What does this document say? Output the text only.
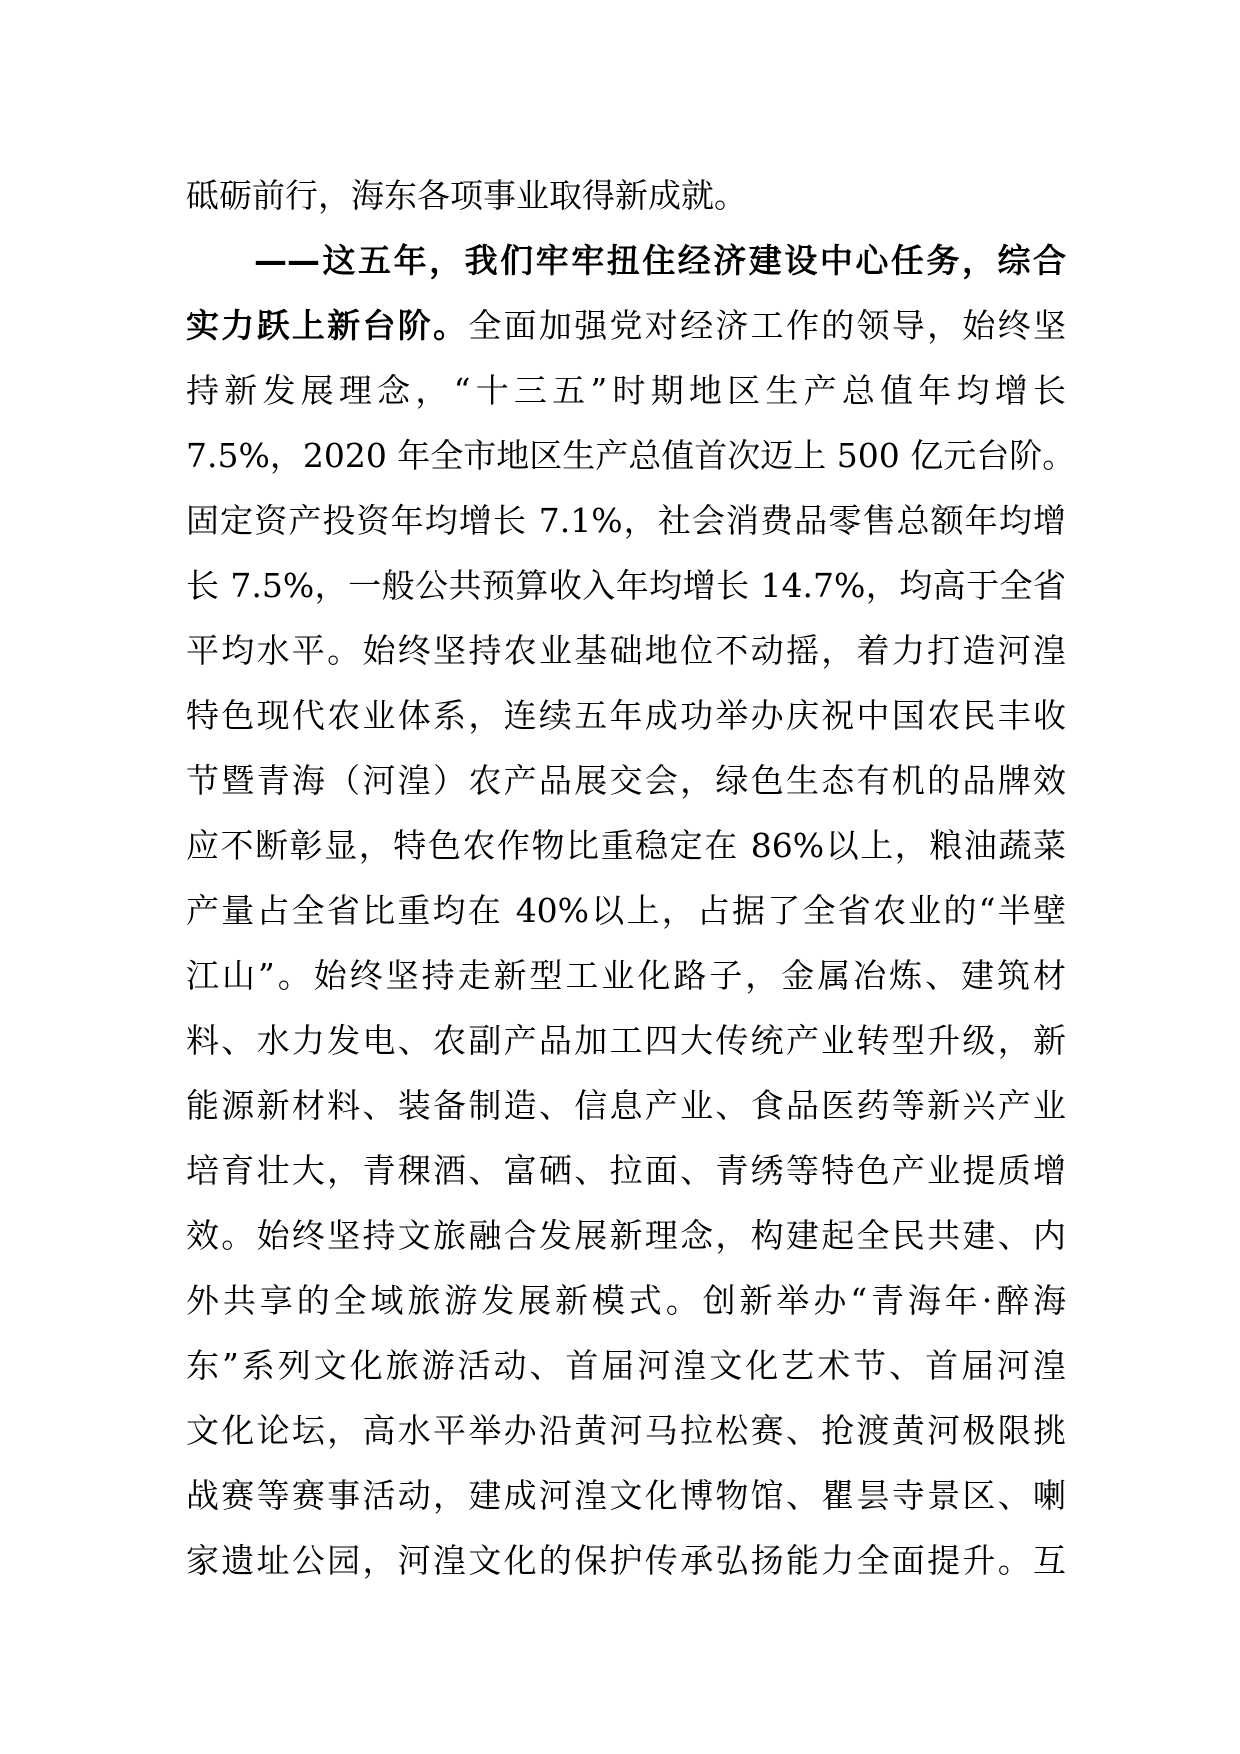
砥砺前行，海东各项事业取得新成就。
——这五年，我们牢牢扭住经济建设中心任务，综合
实力跃上新台阶。全面加强党对经济工作的领导，始终坚
持新发展理念，“十三五”时期地区生产总值年均增长
7.5%，2020 年全市地区生产总值首次迈上 500 亿元台阶。
固定资产投资年均增长 7.1%，社会消费品零售总额年均增
长 7.5%，一般公共预算收入年均增长 14.7%，均高于全省
平均水平。始终坚持农业基础地位不动摇，着力打造河湟
特色现代农业体系，连续五年成功举办庆祝中国农民丰收
节暨青海（河湟）农产品展交会，绿色生态有机的品牌效
应不断彰显，特色农作物比重稳定在 86%以上，粮油蔬菜
产量占全省比重均在 40%以上，占据了全省农业的“半壁
江山”。始终坚持走新型工业化路子，金属冶炼、建筑材
料、水力发电、农副产品加工四大传统产业转型升级，新
能源新材料、装备制造、信息产业、食品医药等新兴产业
培育壮大，青稞酒、富硒、拉面、青绣等特色产业提质增
效。始终坚持文旅融合发展新理念，构建起全民共建、内
外共享的全域旅游发展新模式。创新举办“青海年·醉海
东”系列文化旅游活动、首届河湟文化艺术节、首届河湟
文化论坛，高水平举办沿黄河马拉松赛、抢渡黄河极限挑
战赛等赛事活动，建成河湟文化博物馆、瞿昙寺景区、喇
家遗址公园，河湟文化的保护传承弘扬能力全面提升。互
